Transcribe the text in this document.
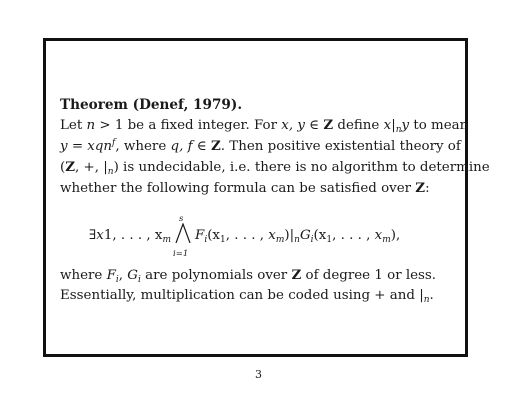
Theorem (Denef, 1979).
Let n > 1 be a fixed integer. For x, y ∈ Z define $x|_ny$ to mean
y = xqn$^f$, where q, f ∈ Z. Then positive existential theory of
(Z, +, $|_n$) is undecidable, i.e. there is no algorithm to determine
whether the following formula can be satisfied over Z:
∃x1, . . . , $x_m$
s
i=1
$F_i(x_1$, . . . , $x_m)|_nG_i(x_1$, . . . , $x_m$),
where $F_i$, $G_i$ are polynomials over Z of degree 1 or less.
Essentially, multiplication can be coded using + and $|_n$.
3
